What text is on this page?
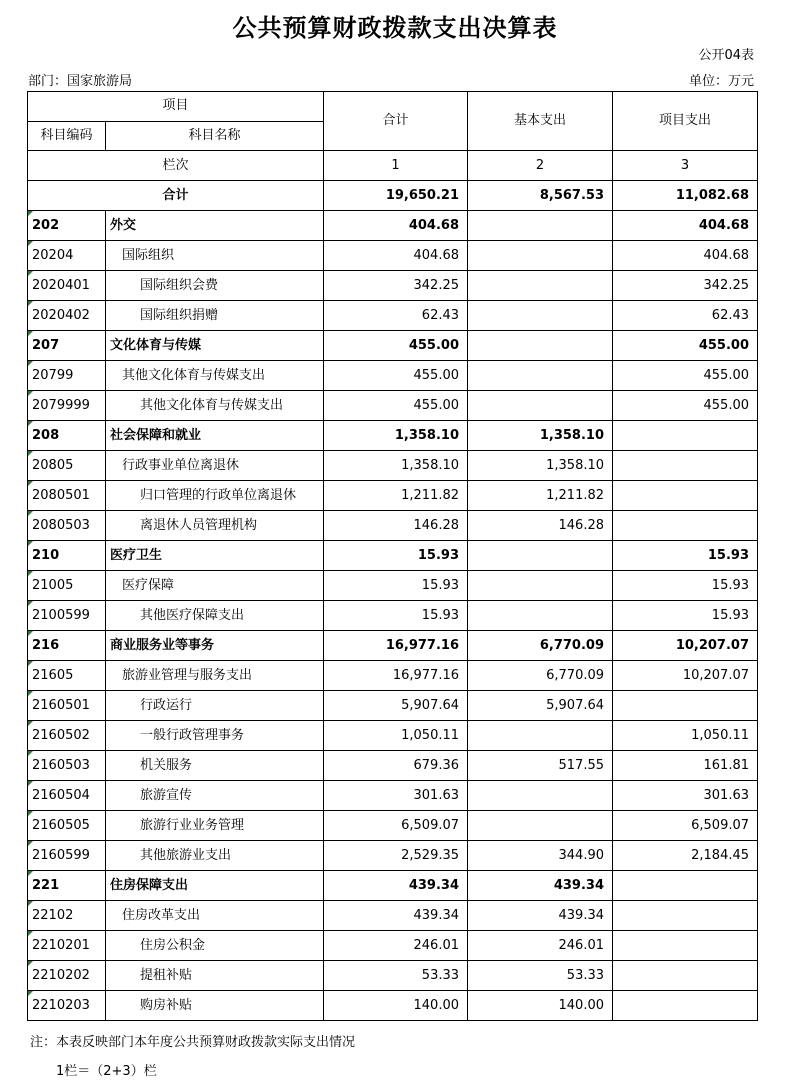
公共预算财政拨款支出决算表
公开04表
部门：国家旅游局	单位：万元
项目		合计	基本支出	项目支出
科目编码	科目名称			
栏次		1	2	3
合计		19,650.21	8,567.53	11,082.68
202	外交	404.68		404.68
20204	国际组织	404.68		404.68
2020401	国际组织会费	342.25		342.25
2020402	国际组织捐赠	62.43		62.43
207	文化体育与传媒	455.00		455.00
20799	其他文化体育与传媒支出	455.00		455.00
2079999	其他文化体育与传媒支出	455.00		455.00
208	社会保障和就业	1,358.10	1,358.10	
20805	行政事业单位离退休	1,358.10	1,358.10	
2080501	归口管理的行政单位离退休	1,211.82	1,211.82	
2080503	离退休人员管理机构	146.28	146.28	
210	医疗卫生	15.93		15.93
21005	医疗保障	15.93		15.93
2100599	其他医疗保障支出	15.93		15.93
216	商业服务业等事务	16,977.16	6,770.09	10,207.07
21605	旅游业管理与服务支出	16,977.16	6,770.09	10,207.07
2160501	行政运行	5,907.64	5,907.64	
2160502	一般行政管理事务	1,050.11		1,050.11
2160503	机关服务	679.36	517.55	161.81
2160504	旅游宣传	301.63		301.63
2160505	旅游行业业务管理	6,509.07		6,509.07
2160599	其他旅游业支出	2,529.35	344.90	2,184.45
221	住房保障支出	439.34	439.34	
22102	住房改革支出	439.34	439.34	
2210201	住房公积金	246.01	246.01	
2210202	提租补贴	53.33	53.33	
2210203	购房补贴	140.00	140.00	
注：本表反映部门本年度公共预算财政拨款实际支出情况
1栏＝（2+3）栏
